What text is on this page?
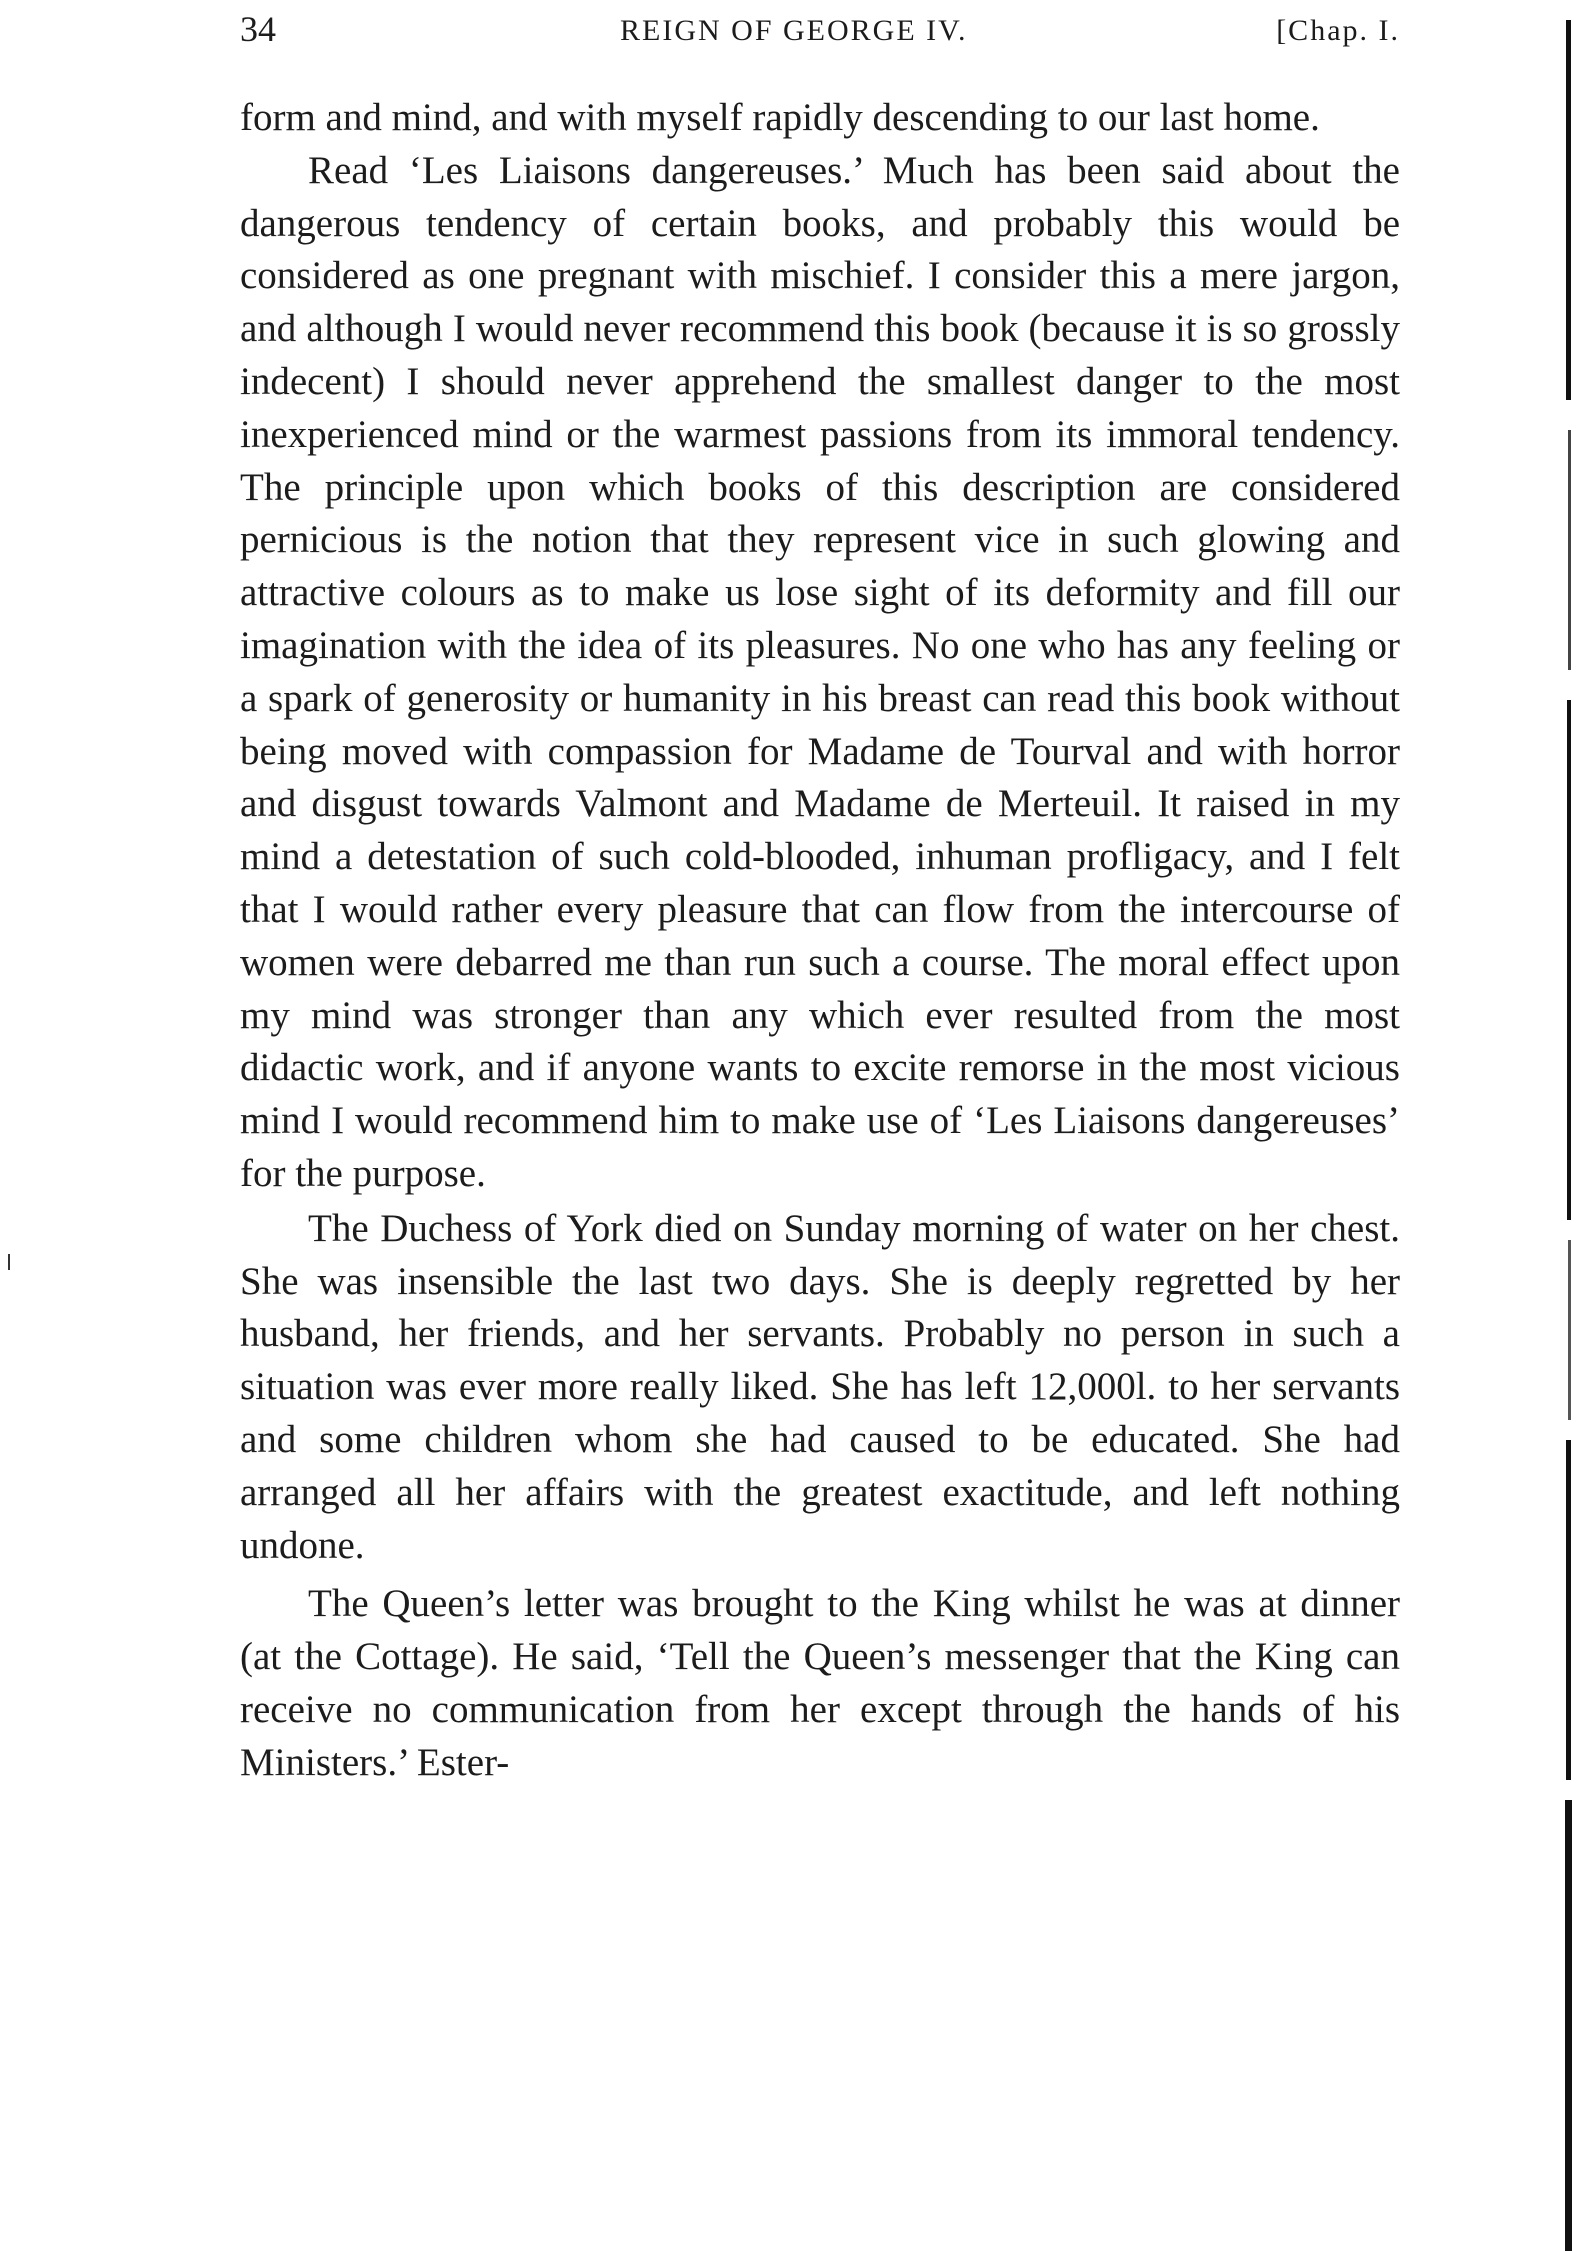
34	REIGN OF GEORGE IV.	[Chap. I.

form and mind, and with myself rapidly descending to our last home.

Read ‘Les Liaisons dangereuses.’ Much has been said about the dangerous tendency of certain books, and probably this would be considered as one pregnant with mischief. I consider this a mere jargon, and although I would never recommend this book (because it is so grossly indecent) I should never apprehend the smallest danger to the most inexperienced mind or the warmest passions from its immoral tendency. The principle upon which books of this description are considered pernicious is the notion that they represent vice in such glowing and attractive colours as to make us lose sight of its deformity and fill our imagination with the idea of its pleasures. No one who has any feeling or a spark of generosity or humanity in his breast can read this book without being moved with compassion for Madame de Tourval and with horror and disgust towards Valmont and Madame de Merteuil. It raised in my mind a detestation of such cold-blooded, inhuman profligacy, and I felt that I would rather every pleasure that can flow from the intercourse of women were debarred me than run such a course. The moral effect upon my mind was stronger than any which ever resulted from the most didactic work, and if anyone wants to excite remorse in the most vicious mind I would recommend him to make use of ‘Les Liaisons dangereuses’ for the purpose.

The Duchess of York died on Sunday morning of water on her chest. She was insensible the last two days. She is deeply regretted by her husband, her friends, and her servants. Probably no person in such a situation was ever more really liked. She has left 12,000l. to her servants and some children whom she had caused to be educated. She had arranged all her affairs with the greatest exactitude, and left nothing undone.

The Queen’s letter was brought to the King whilst he was at dinner (at the Cottage). He said, ‘Tell the Queen’s messenger that the King can receive no communication from her except through the hands of his Ministers.’ Ester-
